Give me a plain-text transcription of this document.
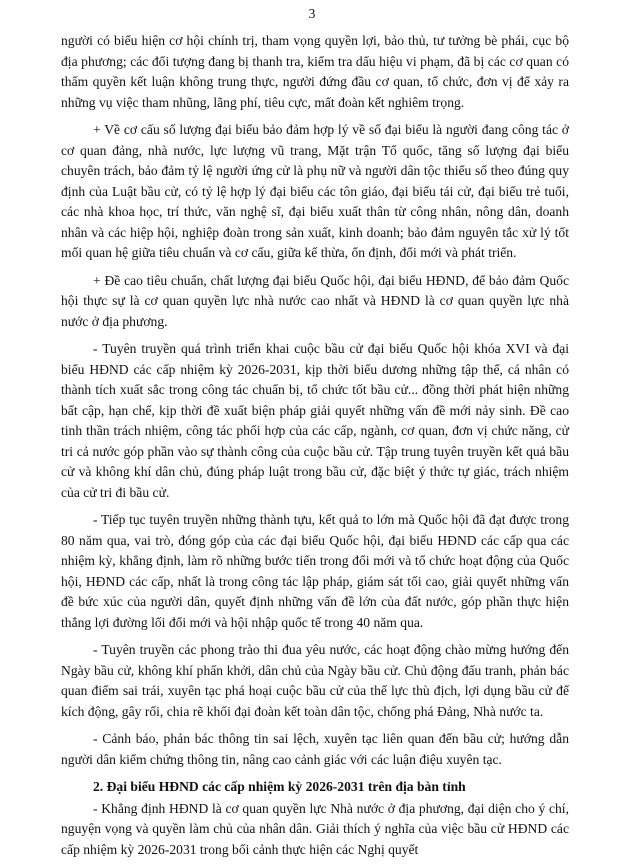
3

người có biểu hiện cơ hội chính trị, tham vọng quyền lợi, bảo thủ, tư tưởng bè phái, cục bộ địa phương; các đối tượng đang bị thanh tra, kiểm tra dấu hiệu vi phạm, đã bị các cơ quan có thẩm quyền kết luận không trung thực, người đứng đầu cơ quan, tổ chức, đơn vị để xảy ra những vụ việc tham nhũng, lãng phí, tiêu cực, mất đoàn kết nghiêm trọng.

+ Về cơ cấu số lượng đại biểu bảo đảm hợp lý về số đại biểu là người đang công tác ở cơ quan đảng, nhà nước, lực lượng vũ trang, Mặt trận Tổ quốc, tăng số lượng đại biểu chuyên trách, bảo đảm tỷ lệ người ứng cử là phụ nữ và người dân tộc thiểu số theo đúng quy định của Luật bầu cử, có tỷ lệ hợp lý đại biểu các tôn giáo, đại biểu tái cử, đại biểu trẻ tuổi, các nhà khoa học, trí thức, văn nghệ sĩ, đại biểu xuất thân từ công nhân, nông dân, doanh nhân và các hiệp hội, nghiệp đoàn trong sản xuất, kinh doanh; bảo đảm nguyên tắc xử lý tốt mối quan hệ giữa tiêu chuẩn và cơ cấu, giữa kế thừa, ổn định, đổi mới và phát triển.

+ Đề cao tiêu chuẩn, chất lượng đại biểu Quốc hội, đại biểu HĐND, để bảo đảm Quốc hội thực sự là cơ quan quyền lực nhà nước cao nhất và HĐND là cơ quan quyền lực nhà nước ở địa phương.

- Tuyên truyền quá trình triển khai cuộc bầu cử đại biểu Quốc hội khóa XVI và đại biểu HĐND các cấp nhiệm kỳ 2026-2031, kịp thời biểu dương những tập thể, cá nhân có thành tích xuất sắc trong công tác chuẩn bị, tổ chức tốt bầu cử... đồng thời phát hiện những bất cập, hạn chế, kịp thời đề xuất biện pháp giải quyết những vấn đề mới nảy sinh. Đề cao tinh thần trách nhiệm, công tác phối hợp của các cấp, ngành, cơ quan, đơn vị chức năng, cử tri cả nước góp phần vào sự thành công của cuộc bầu cử. Tập trung tuyên truyền kết quả bầu cử và không khí dân chủ, đúng pháp luật trong bầu cử, đặc biệt ý thức tự giác, trách nhiệm của cử tri đi bầu cử.

- Tiếp tục tuyên truyền những thành tựu, kết quả to lớn mà Quốc hội đã đạt được trong 80 năm qua, vai trò, đóng góp của các đại biểu Quốc hội, đại biểu HĐND các cấp qua các nhiệm kỳ, khẳng định, làm rõ những bước tiến trong đổi mới và tổ chức hoạt động của Quốc hội, HĐND các cấp, nhất là trong công tác lập pháp, giám sát tối cao, giải quyết những vấn đề bức xúc của người dân, quyết định những vấn đề lớn của đất nước, góp phần thực hiện thắng lợi đường lối đổi mới và hội nhập quốc tế trong 40 năm qua.

- Tuyên truyền các phong trào thi đua yêu nước, các hoạt động chào mừng hướng đến Ngày bầu cử, không khí phấn khởi, dân chủ của Ngày bầu cử. Chủ động đấu tranh, phản bác quan điểm sai trái, xuyên tạc phá hoại cuộc bầu cử của thế lực thù địch, lợi dụng bầu cử để kích động, gây rối, chia rẽ khối đại đoàn kết toàn dân tộc, chống phá Đảng, Nhà nước ta.

- Cảnh báo, phản bác thông tin sai lệch, xuyên tạc liên quan đến bầu cử; hướng dẫn người dân kiểm chứng thông tin, nâng cao cảnh giác với các luận điệu xuyên tạc.

2. Đại biểu HĐND các cấp nhiệm kỳ 2026-2031 trên địa bàn tỉnh

- Khẳng định HĐND là cơ quan quyền lực Nhà nước ở địa phương, đại diện cho ý chí, nguyện vọng và quyền làm chủ của nhân dân. Giải thích ý nghĩa của việc bầu cử HĐND các cấp nhiệm kỳ 2026-2031 trong bối cảnh thực hiện các Nghị quyết
